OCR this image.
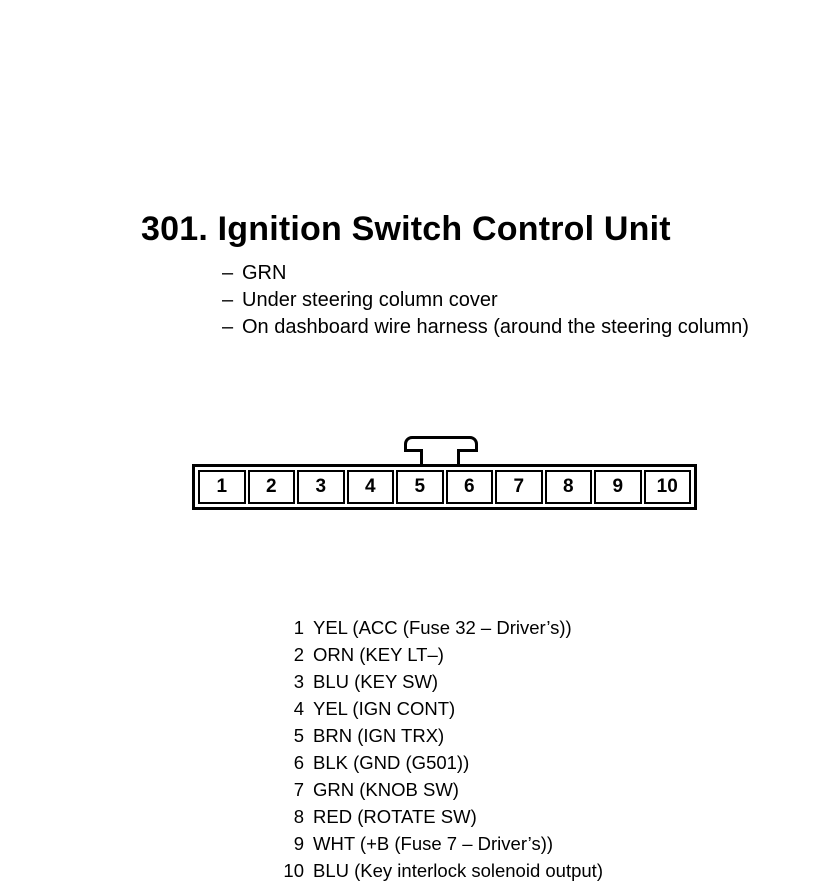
301. Ignition Switch Control Unit
– GRN
– Under steering column cover
– On dashboard wire harness (around the steering column)
1	2	3	4	5	6	7	8	9	10
1 YEL (ACC (Fuse 32 – Driver’s))
2 ORN (KEY LT–)
3 BLU (KEY SW)
4 YEL (IGN CONT)
5 BRN (IGN TRX)
6 BLK (GND (G501))
7 GRN (KNOB SW)
8 RED (ROTATE SW)
9 WHT (+B (Fuse 7 – Driver’s))
10 BLU (Key interlock solenoid output)
